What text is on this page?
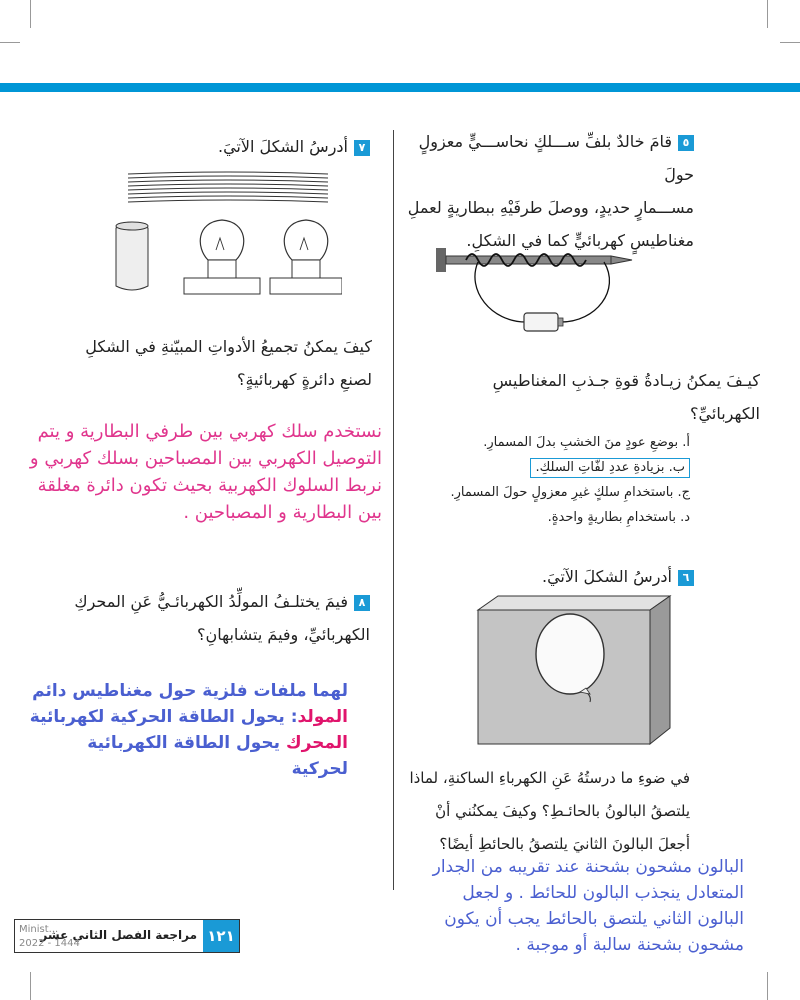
٥قامَ خالدٌ بلفِّ ســـلكٍ نحاســـيٍّ معزولٍ حولَ
مســـمارٍ حديدٍ، ووصلَ طرفَيْهِ ببطاريةٍ لعملِ
مغناطيسٍ كهربائيٍّ كما في الشكلِ.
كيـفَ يمكنُ زيـادةُ قوةِ جـذبِ المغناطيسِ
الكهربائيِّ؟
أ. بوضعِ عودٍ منَ الخشبِ بدلَ المسمارِ.
ب. بزيادةِ عددِ لفّاتِ السلكِ.
ج. باستخدامِ سلكٍ غيرِ معزولٍ حولَ المسمارِ.
د. باستخدامِ بطاريةٍ واحدةٍ.
٦أدرسُ الشكلَ الآتيَ.
في ضوءِ ما درستُهُ عَنِ الكهرباءِ الساكنةِ، لماذا
يلتصقُ البالونُ بالحائـطِ؟ وكيفَ يمكنُني أنْ
أجعلَ البالونَ الثانيَ يلتصقُ بالحائطِ أيضًا؟
البالون مشحون بشحنة عند تقريبه من الجدار
المتعادل ينجذب البالون للحائط . و لجعل
البالون الثاني يلتصق بالحائط يجب أن يكون
مشحون بشحنة سالبة أو موجبة .
٧أدرسُ الشكلَ الآتيَ.
كيفَ يمكنُ تجميعُ الأدواتِ المبيّنةِ في الشكلِ
لصنعِ دائرةٍ كهربائيةٍ؟
نستخدم سلك كهربي بين طرفي البطارية و يتم
التوصيل الكهربي بين المصباحين بسلك كهربي و
نربط السلوك الكهربية بحيث تكون دائرة مغلقة
بين البطارية و المصباحين .
٨فيمَ يختلـفُ المولِّدُ الكهربائـيُّ عَنِ المحركِ
الكهربائيِّ، وفيمَ يتشابهانِ؟
لهما ملفات فلزية حول مغناطيس دائم
المولد: يحول الطاقة الحركية لكهربائية
المحرك يحول الطاقة الكهربائية لحركية
١٢١
مراجعة الفصل الثاني عشر
Minist...
2022 - 1444
